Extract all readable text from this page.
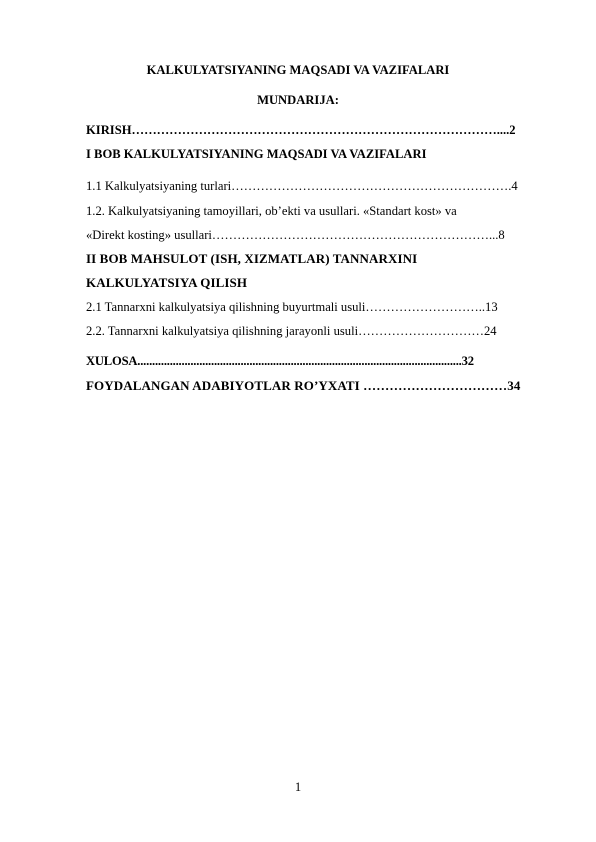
KALKULYATSIYANING MAQSADI VA VAZIFALARI
MUNDARIJA:
KIRISH……………………………………………………………………………....2
I BOB KALKULYATSIYANING MAQSADI VA VAZIFALARI
1.1 Kalkulyatsiyaning turlari………………………………………………………….4
1.2. Kalkulyatsiyaning tamoyillari, ob’ekti va usullari. «Standart kost» va
«Direkt kosting» usullari…………………………………………………………...8
II BOB MAHSULOT (ISH, XIZMATLAR) TANNARXINI
KALKULYATSIYA QILISH
2.1 Tannarxni kalkulyatsiya qilishning buyurtmali usuli………………………..13
2.2. Tannarxni kalkulyatsiya qilishning jarayonli usuli…………………………24
XULOSA..............................................................................................................32
FOYDALANGAN ADABIYOTLAR RO’YXATI ……………………………34
1
